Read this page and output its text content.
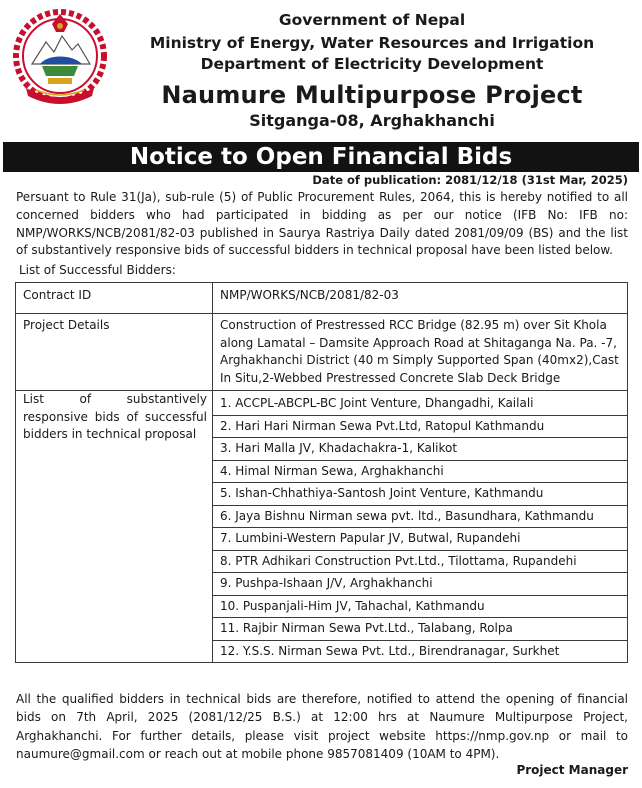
Government of Nepal
Ministry of Energy, Water Resources and Irrigation
Department of Electricity Development
Naumure Multipurpose Project
Sitganga-08, Arghakhanchi
Notice to Open Financial Bids
Date of publication: 2081/12/18 (31st Mar, 2025)
Persuant to Rule 31(Ja), sub-rule (5) of Public Procurement Rules, 2064, this is hereby notified to all concerned bidders who had participated in bidding as per our notice (IFB No: IFB no: NMP/WORKS/NCB/2081/82-03 published in Saurya Rastriya Daily dated 2081/09/09 (BS) and the list of substantively responsive bids of successful bidders in technical proposal have been listed below.
List of Successful Bidders:
Contract ID	NMP/WORKS/NCB/2081/82-03
Project Details	Construction of Prestressed RCC Bridge (82.95 m) over Sit Khola along Lamatal – Damsite Approach Road at Shitaganga Na. Pa. -7, Arghakhanchi District (40 m Simply Supported Span (40mx2),Cast In Situ,2-Webbed Prestressed Concrete Slab Deck Bridge
List of substantively responsive bids of successful bidders in technical proposal	1. ACCPL-ABCPL-BC Joint Venture, Dhangadhi, Kailali
	2. Hari Hari Nirman Sewa Pvt.Ltd, Ratopul Kathmandu
	3. Hari Malla JV, Khadachakra-1, Kalikot
	4. Himal Nirman Sewa, Arghakhanchi
	5. Ishan-Chhathiya-Santosh Joint Venture, Kathmandu
	6. Jaya Bishnu Nirman sewa pvt. ltd., Basundhara, Kathmandu
	7. Lumbini-Western Papular JV, Butwal, Rupandehi
	8. PTR Adhikari Construction Pvt.Ltd., Tilottama, Rupandehi
	9. Pushpa-Ishaan J/V, Arghakhanchi
	10. Puspanjali-Him JV, Tahachal, Kathmandu
	11. Rajbir Nirman Sewa Pvt.Ltd., Talabang, Rolpa
	12. Y.S.S. Nirman Sewa Pvt. Ltd., Birendranagar, Surkhet
All the qualified bidders in technical bids are therefore, notified to attend the opening of financial bids on 7th April, 2025 (2081/12/25 B.S.) at 12:00 hrs at Naumure Multipurpose Project, Arghakhanchi. For further details, please visit project website https://nmp.gov.np or mail to naumure@gmail.com or reach out at mobile phone 9857081409 (10AM to 4PM).
Project Manager
